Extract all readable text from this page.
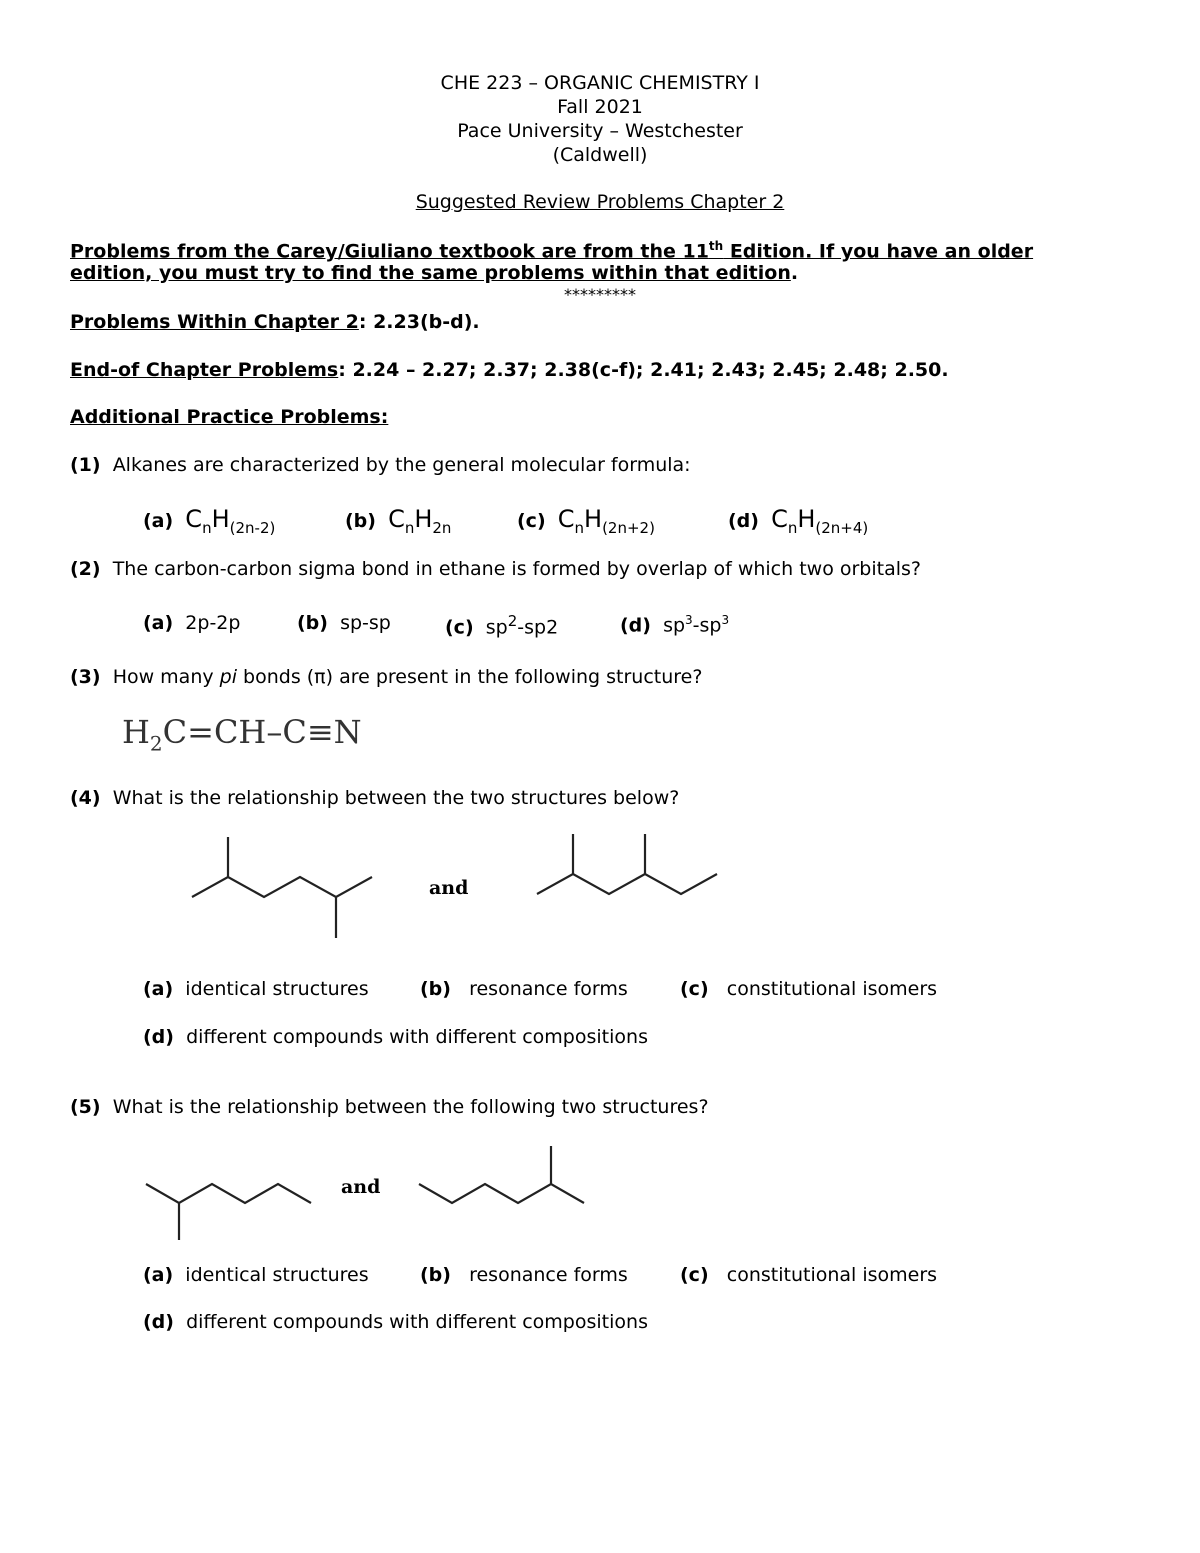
CHE 223 – ORGANIC CHEMISTRY I
Fall 2021
Pace University – Westchester
(Caldwell)
Suggested Review Problems Chapter 2
Problems from the Carey/Giuliano textbook are from the 11th Edition. If you have an older
edition, you must try to find the same problems within that edition.
*********
Problems Within Chapter 2: 2.23(b-d).
End-of Chapter Problems: 2.24 – 2.27; 2.37; 2.38(c-f); 2.41; 2.43; 2.45; 2.48; 2.50.
Additional Practice Problems:
(1) Alkanes are characterized by the general molecular formula:
(a) $C_nH_{(2n-2)}$	(b) $C_nH_{2n}$	(c) $C_nH_{(2n+2)}$	(d) $C_nH_{(2n+4)}$
(2) The carbon-carbon sigma bond in ethane is formed by overlap of which two orbitals?
(a) 2p-2p	(b) sp-sp	(c) $sp^2-sp2$	(d) $sp^3-sp^3$
(3) How many pi bonds (π) are present in the following structure?
$H_2C=CH-C\equiv N$
(4) What is the relationship between the two structures below?
and
(a) identical structures	(b) resonance forms	(c) constitutional isomers
(d) different compounds with different compositions
(5) What is the relationship between the following two structures?
and
(a) identical structures	(b) resonance forms	(c) constitutional isomers
(d) different compounds with different compositions
